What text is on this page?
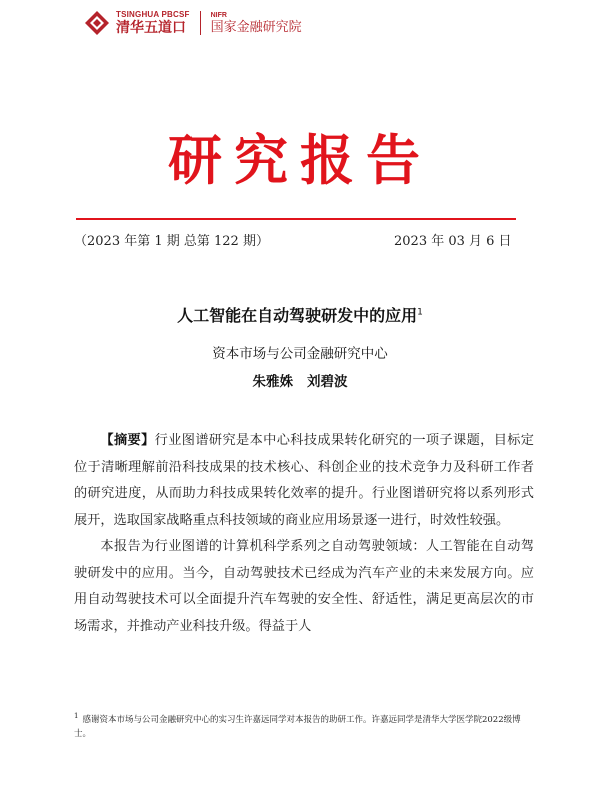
TSINGHUA PBCSF
清华五道口
NIFR
国家金融研究院
研究报告
（2023 年第 1 期 总第 122 期）	2023 年 03 月 6 日
人工智能在自动驾驶研发中的应用$^1$
资本市场与公司金融研究中心
朱雅姝 刘碧波

【摘要】行业图谱研究是本中心科技成果转化研究的一项子课题，目标定位于清晰理解前沿科技成果的技术核心、科创企业的技术竞争力及科研工作者的研究进度，从而助力科技成果转化效率的提升。行业图谱研究将以系列形式展开，选取国家战略重点科技领域的商业应用场景逐一进行，时效性较强。

本报告为行业图谱的计算机科学系列之自动驾驶领域：人工智能在自动驾驶研发中的应用。当今，自动驾驶技术已经成为汽车产业的未来发展方向。应用自动驾驶技术可以全面提升汽车驾驶的安全性、舒适性，满足更高层次的市场需求，并推动产业科技升级。得益于人

$^1$ 感谢资本市场与公司金融研究中心的实习生许嘉远同学对本报告的助研工作。许嘉远同学是清华大学医学院2022级博士。
